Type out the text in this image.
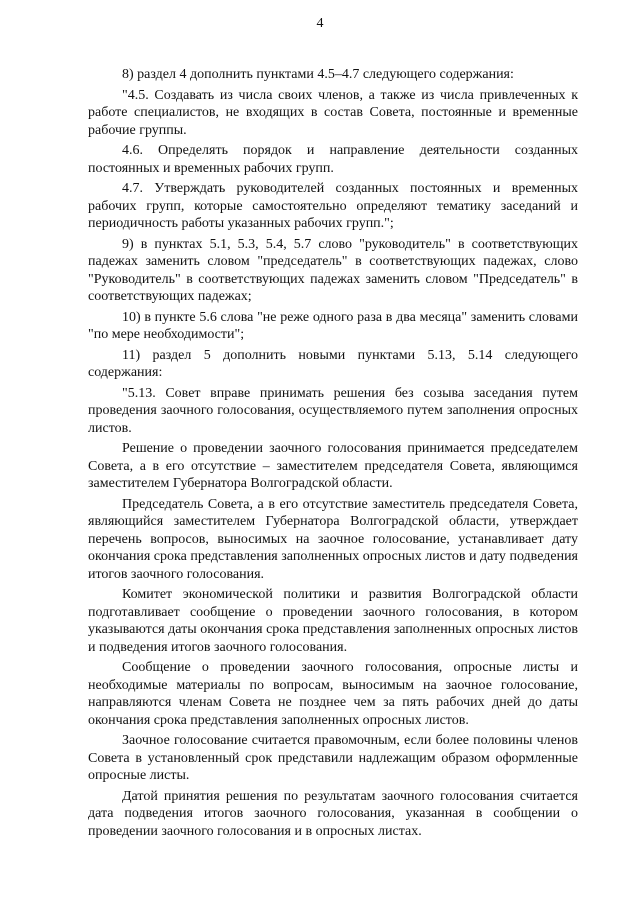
4

8) раздел 4 дополнить пунктами 4.5–4.7 следующего содержания:

"4.5. Создавать из числа своих членов, а также из числа привлеченных к работе специалистов, не входящих в состав Совета, постоянные и временные рабочие группы.

4.6. Определять порядок и направление деятельности созданных постоянных и временных рабочих групп.

4.7. Утверждать руководителей созданных постоянных и временных рабочих групп, которые самостоятельно определяют тематику заседаний и периодичность работы указанных рабочих групп.";

9) в пунктах 5.1, 5.3, 5.4, 5.7 слово "руководитель" в соответствующих падежах заменить словом "председатель" в соответствующих падежах, слово "Руководитель" в соответствующих падежах заменить словом "Председатель" в соответствующих падежах;

10) в пункте 5.6 слова "не реже одного раза в два месяца" заменить словами "по мере необходимости";

11) раздел 5 дополнить новыми пунктами 5.13, 5.14 следующего содержания:

"5.13. Совет вправе принимать решения без созыва заседания путем проведения заочного голосования, осуществляемого путем заполнения опросных листов.

Решение о проведении заочного голосования принимается председателем Совета, а в его отсутствие – заместителем председателя Совета, являющимся заместителем Губернатора Волгоградской области.

Председатель Совета, а в его отсутствие заместитель председателя Совета, являющийся заместителем Губернатора Волгоградской области, утверждает перечень вопросов, выносимых на заочное голосование, устанавливает дату окончания срока представления заполненных опросных листов и дату подведения итогов заочного голосования.

Комитет экономической политики и развития Волгоградской области подготавливает сообщение о проведении заочного голосования, в котором указываются даты окончания срока представления заполненных опросных листов и подведения итогов заочного голосования.

Сообщение о проведении заочного голосования, опросные листы и необходимые материалы по вопросам, выносимым на заочное голосование, направляются членам Совета не позднее чем за пять рабочих дней до даты окончания срока представления заполненных опросных листов.

Заочное голосование считается правомочным, если более половины членов Совета в установленный срок представили надлежащим образом оформленные опросные листы.

Датой принятия решения по результатам заочного голосования считается дата подведения итогов заочного голосования, указанная в сообщении о проведении заочного голосования и в опросных листах.
